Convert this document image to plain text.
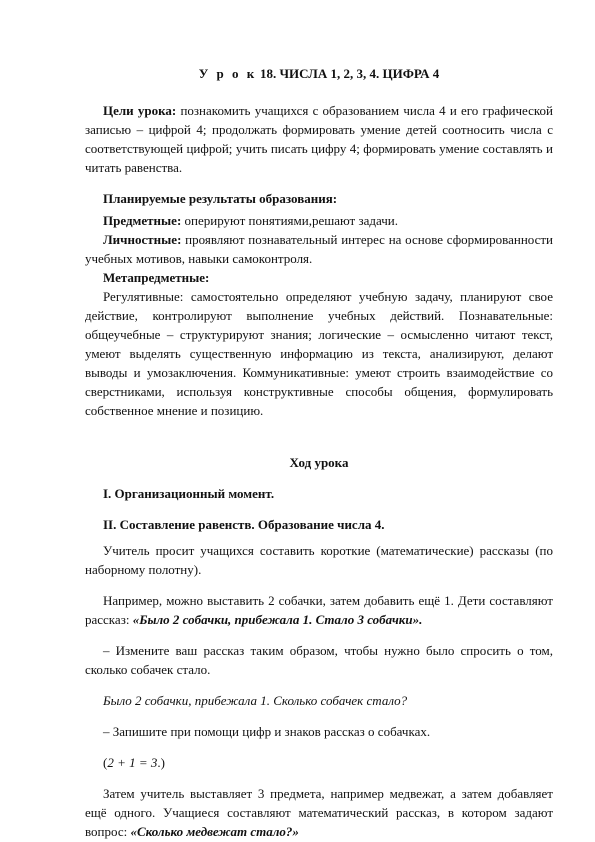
У р о к 18. ЧИСЛА 1, 2, 3, 4. ЦИФРА 4

Цели урока: познакомить учащихся с образованием числа 4 и его графической записью – цифрой 4; продолжать формировать умение детей соотносить числа с соответствующей цифрой; учить писать цифру 4; формировать умение составлять и читать равенства.

Планируемые результаты образования:

Предметные: оперируют понятиями,решают задачи.

Личностные: проявляют познавательный интерес на основе сформированности учебных мотивов, навыки самоконтроля.

Метапредметные:

Регулятивные: самостоятельно определяют учебную задачу, планируют свое действие, контролируют выполнение учебных действий. Познавательные: общеучебные – структурируют знания; логические – осмысленно читают текст, умеют выделять существенную информацию из текста, анализируют, делают выводы и умозаключения. Коммуникативные: умеют строить взаимодействие со сверстниками, используя конструктивные способы общения, формулировать собственное мнение и позицию.

Ход урока

I. Организационный момент.

II. Составление равенств. Образование числа 4.

Учитель просит учащихся составить короткие (математические) рассказы (по наборному полотну).

Например, можно выставить 2 собачки, затем добавить ещё 1. Дети составляют рассказ: «Было 2 собачки, прибежала 1. Стало 3 собачки».

– Измените ваш рассказ таким образом, чтобы нужно было спросить о том, сколько собачек стало.

Было 2 собачки, прибежала 1. Сколько собачек стало?

– Запишите при помощи цифр и знаков рассказ о собачках.

(2 + 1 = 3.)

Затем учитель выставляет 3 предмета, например медвежат, а затем добавляет ещё одного. Учащиеся составляют математический рассказ, в котором задают вопрос: «Сколько медвежат стало?»
